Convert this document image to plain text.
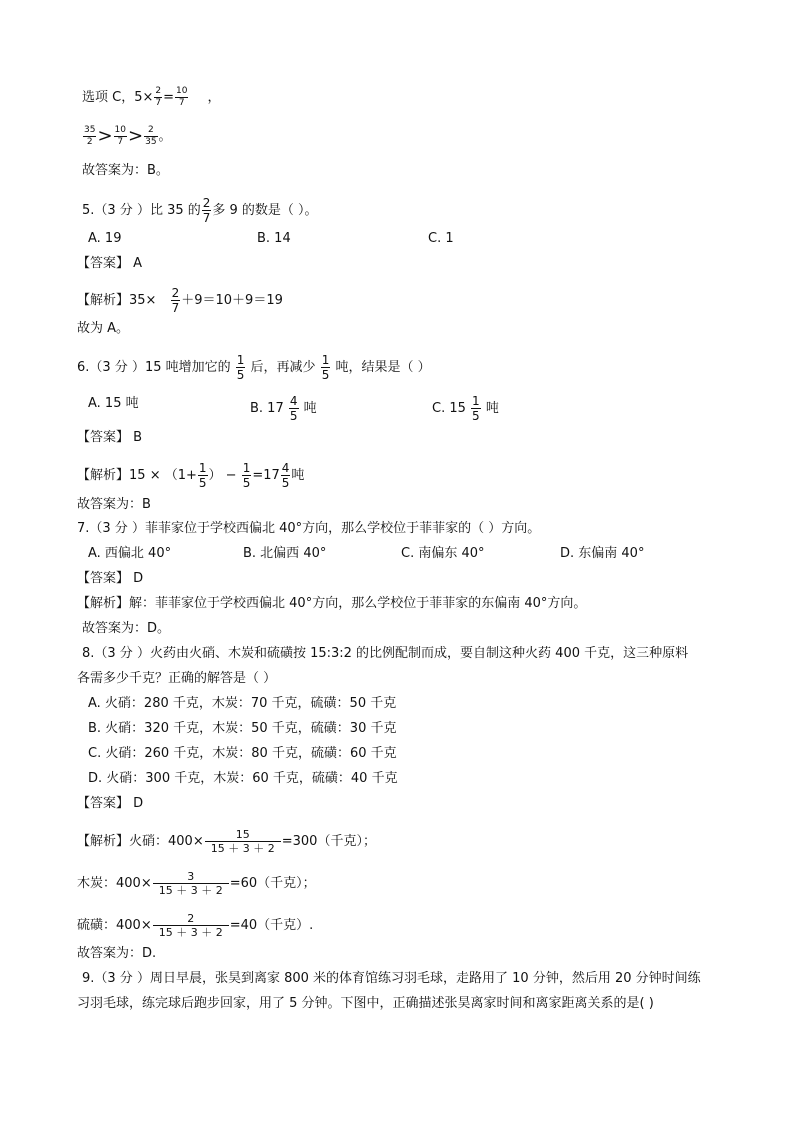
选项 C，$5\times \frac{2}{7} = \frac{10}{7}$ ，
$\frac{35}{2} > \frac{10}{7} > \frac{2}{35}$ 。
故答案为：B。
5.（3 分 ）比 35 的 $\frac{2}{7}$ 多 9 的数是（ ）。
A. 19	B. 14	C. 1
【答案】 A
【解析】$35\times \frac{2}{7} +9=10+9=19$
故为 A。
6.（3 分 ）15 吨增加它的 $\frac{1}{5}$ 后，再减少 $\frac{1}{5}$ 吨，结果是（ ）
A. 15 吨	B. $17 \frac{4}{5}$ 吨	C. $15 \frac{1}{5}$ 吨
【答案】 B
【解析】$15 \times (1+ \frac{1}{5}$ ） − $\frac{1}{5} =17 \frac{4}{5}$ 吨
故答案为：B
7.（3 分 ）菲菲家位于学校西偏北 40°方向，那么学校位于菲菲家的（ ）方向。
A. 西偏北 40°	B. 北偏西 40°	C. 南偏东 40°	D. 东偏南 40°
【答案】 D
【解析】解：菲菲家位于学校西偏北 40°方向，那么学校位于菲菲家的东偏南 40°方向。
故答案为：D。
8.（3 分 ）火药由火硝、木炭和硫磺按 15:3:2 的比例配制而成，要自制这种火药 400 千克，这三种原料
各需多少千克？正确的解答是（ ）
A. 火硝：280 千克，木炭：70 千克，硫磺：50 千克
B. 火硝：320 千克，木炭：50 千克，硫磺：30 千克
C. 火硝：260 千克，木炭：80 千克，硫磺：60 千克
D. 火硝：300 千克，木炭：60 千克，硫磺：40 千克
【答案】 D
【解析】火硝：$400\times \frac{15}{15 + 3 + 2} =300$（千克）；
木炭：$400\times \frac{3}{15 + 3 + 2} =60$（千克）；
硫磺：$400\times \frac{2}{15 + 3 + 2} =40$（千克）.
故答案为：D.
9.（3 分 ）周日早晨，张昊到离家 800 米的体育馆练习羽毛球，走路用了 10 分钟，然后用 20 分钟时间练
习羽毛球，练完球后跑步回家，用了 5 分钟。下图中，正确描述张昊离家时间和离家距离关系的是( )
